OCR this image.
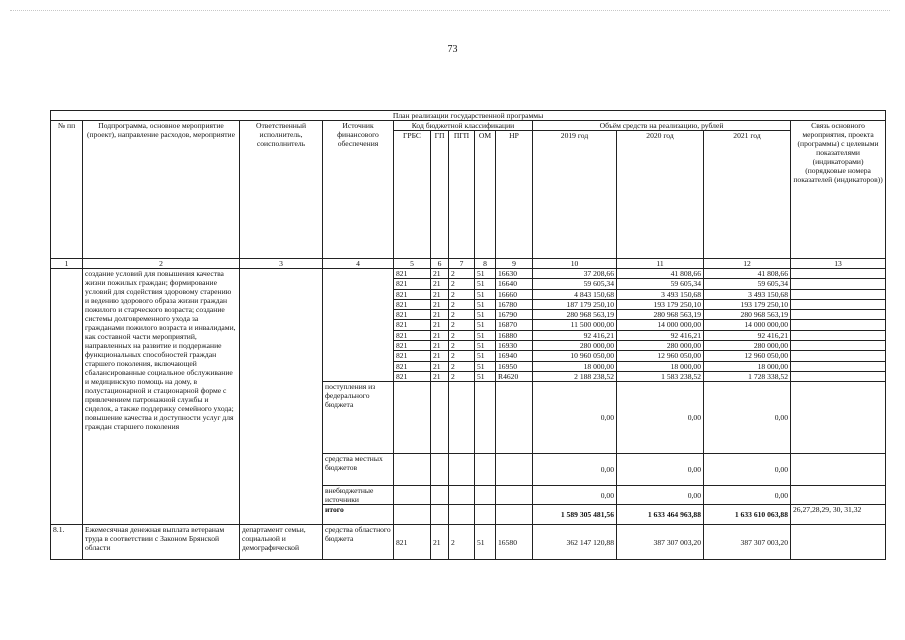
73
План реализации государственной программы												
№ пп	Подпрограмма, основное мероприятие (проект), направление расходов, мероприятие	Ответственный исполнитель, соисполнитель	Источник финансового обеспечения	Код бюджетной классификации					Объём средств на реализацию, рублей			Связь основного мероприятия, проекта (программы) с целевыми показателями (индикаторами) (порядковые номера показателей (индикаторов))
				ГРБС	ГП	ПГП	ОМ	НР	2019 год	2020 год	2021 год	
1	2	3	4	5	6	7	8	9	10	11	12	13
	создание условий для повышения качества жизни пожилых граждан; формирование условий для содействия здоровому старению и ведению здорового образа жизни граждан пожилого и старческого возраста; создание системы долговременного ухода за гражданами пожилого возраста и инвалидами, как составной части мероприятий, направленных на развитие и поддержание функциональных способностей граждан старшего поколения, включающей сбалансированные социальное обслуживание и медицинскую помощь на дому, в полустационарной и стационарной форме с привлечением патронажной службы и сиделок, а также поддержку семейного ухода; повышение качества и доступности услуг для граждан старшего поколения			821	21	2	51	16630	37 208,66	41 808,66	41 808,66	
				821	21	2	51	16640	59 605,34	59 605,34	59 605,34	
				821	21	2	51	16660	4 843 150,68	3 493 150,68	3 493 150,68	
				821	21	2	51	16780	187 179 250,10	193 179 250,10	193 179 250,10	
				821	21	2	51	16790	280 968 563,19	280 968 563,19	280 968 563,19	
				821	21	2	51	16870	11 500 000,00	14 000 000,00	14 000 000,00	
				821	21	2	51	16880	92 416,21	92 416,21	92 416,21	
				821	21	2	51	16930	280 000,00	280 000,00	280 000,00	
				821	21	2	51	16940	10 960 050,00	12 960 050,00	12 960 050,00	
				821	21	2	51	16950	18 000,00	18 000,00	18 000,00	
				821	21	2	51	R4620	2 188 238,52	1 583 238,52	1 728 338,52	
			поступления из федерального бюджета						0,00	0,00	0,00	
			средства местных бюджетов						0,00	0,00	0,00	
			внебюджетные источники						0,00	0,00	0,00	
			итого						1 589 305 481,56	1 633 464 963,88	1 633 610 063,88	26,27,28,29, 30, 31,32
8.1.	Ежемесячная денежная выплата ветеранам труда в соответствии с Законом Брянской области	департамент семьи, социальной и демографической	средства областного бюджета	821	21	2	51	16580	362 147 120,88	387 307 003,20	387 307 003,20	
